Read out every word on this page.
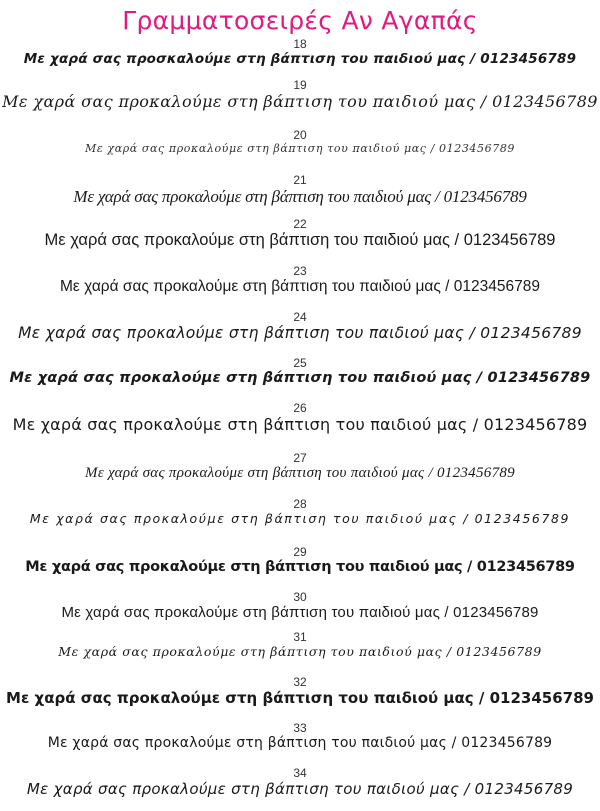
Γραμματοσειρές Αν Αγαπάς
18
Με χαρά σας προσκαλούμε στη βάπτιση του παιδιού μας / 0123456789
19
Με χαρά σας προκαλούμε στη βάπτιση του παιδιού μας / 0123456789
20
Με χαρά σας προκαλούμε στη βάπτιση του παιδιού μας / 0123456789
21
Με χαρά σας προκαλούμε στη βάπτιση του παιδιού μας / 0123456789
22
Με χαρά σας προκαλούμε στη βάπτιση του παιδιού μας / 0123456789
23
Με χαρά σας προκαλούμε στη βάπτιση του παιδιού μας / 0123456789
24
Με χαρά σας προκαλούμε στη βάπτιση του παιδιού μας / 0123456789
25
Με χαρά σας προκαλούμε στη βάπτιση του παιδιού μας / 0123456789
26
Με χαρά σας προκαλούμε στη βάπτιση του παιδιού μας / 0123456789
27
Με χαρά σας προκαλούμε στη βάπτιση του παιδιού μας / 0123456789
28
Με χαρά σας προκαλούμε στη βάπτιση του παιδιού μας / 0123456789
29
Με χαρά σας προκαλούμε στη βάπτιση του παιδιού μας / 0123456789
30
Με χαρά σας προκαλούμε στη βάπτιση του παιδιού μας / 0123456789
31
Με χαρά σας προκαλούμε στη βάπτιση του παιδιού μας / 0123456789
32
Με χαρά σας προκαλούμε στη βάπτιση του παιδιού μας / 0123456789
33
Με χαρά σας προκαλούμε στη βάπτιση του παιδιού μας / 0123456789
34
Με χαρά σας προκαλούμε στη βάπτιση του παιδιού μας / 0123456789
